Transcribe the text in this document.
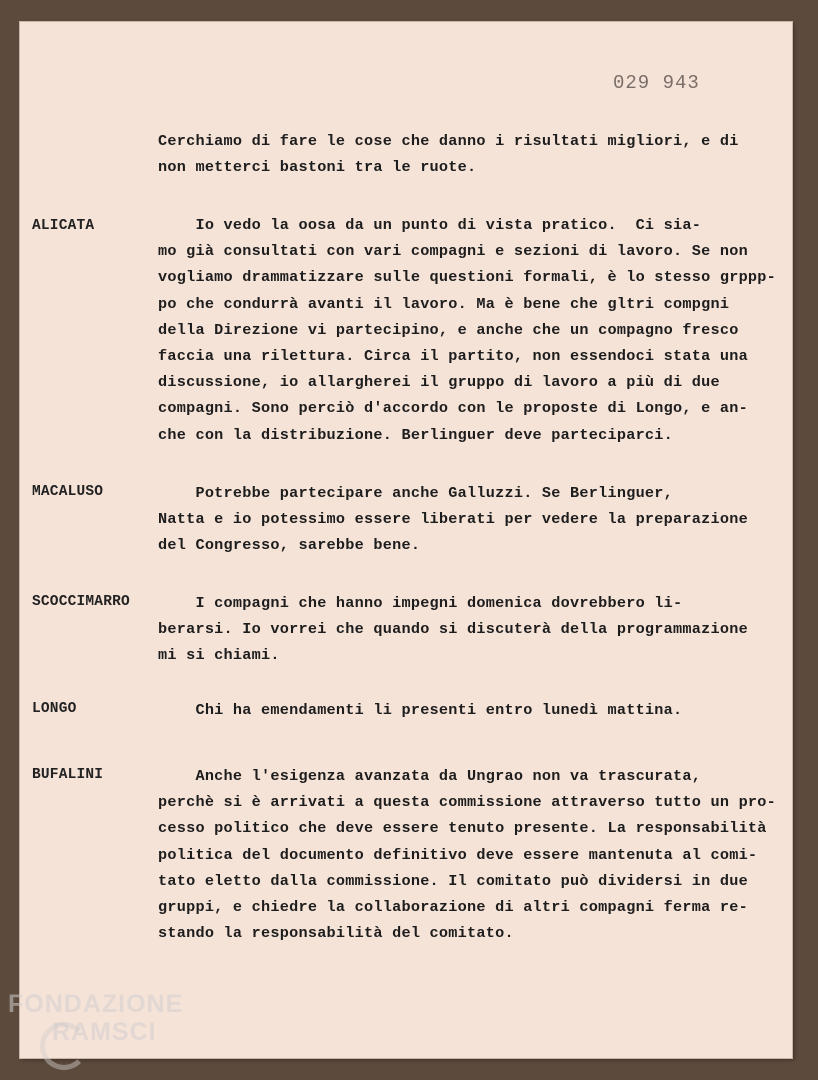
029 943
Cerchiamo di fare le cose che danno i risultati migliori, e di
non metterci bastoni tra le ruote.
Io vedo la oosa da un punto di vista pratico.  Ci sia-
mo già consultati con vari compagni e sezioni di lavoro. Se non
vogliamo drammatizzare sulle questioni formali, è lo stesso grppp-
po che condurrà avanti il lavoro. Ma è bene che gltri compgni
della Direzione vi partecipino, e anche che un compagno fresco
faccia una rilettura. Circa il partito, non essendoci stata una
discussione, io allargherei il gruppo di lavoro a più di due
compagni. Sono perciò d'accordo con le proposte di Longo, e an-
che con la distribuzione. Berlinguer deve parteciparci.
ALICATA
Potrebbe partecipare anche Galluzzi. Se Berlinguer,
Natta e io potessimo essere liberati per vedere la preparazione
del Congresso, sarebbe bene.
MACALUSO
I compagni che hanno impegni domenica dovrebbero li-
berarsi. Io vorrei che quando si discuterà della programmazione
mi si chiami.
SCOCCIMARRO
Chi ha emendamenti li presenti entro lunedì mattina.
LONGO
Anche l'esigenza avanzata da Ungrao non va trascurata,
perchè si è arrivati a questa commissione attraverso tutto un pro-
cesso politico che deve essere tenuto presente. La responsabilità
politica del documento definitivo deve essere mantenuta al comi-
tato eletto dalla commissione. Il comitato può dividersi in due
gruppi, e chiedre la collaborazione di altri compagni ferma re-
stando la responsabilità del comitato.
BUFALINI
FONDAZIONE
RAMSCI
